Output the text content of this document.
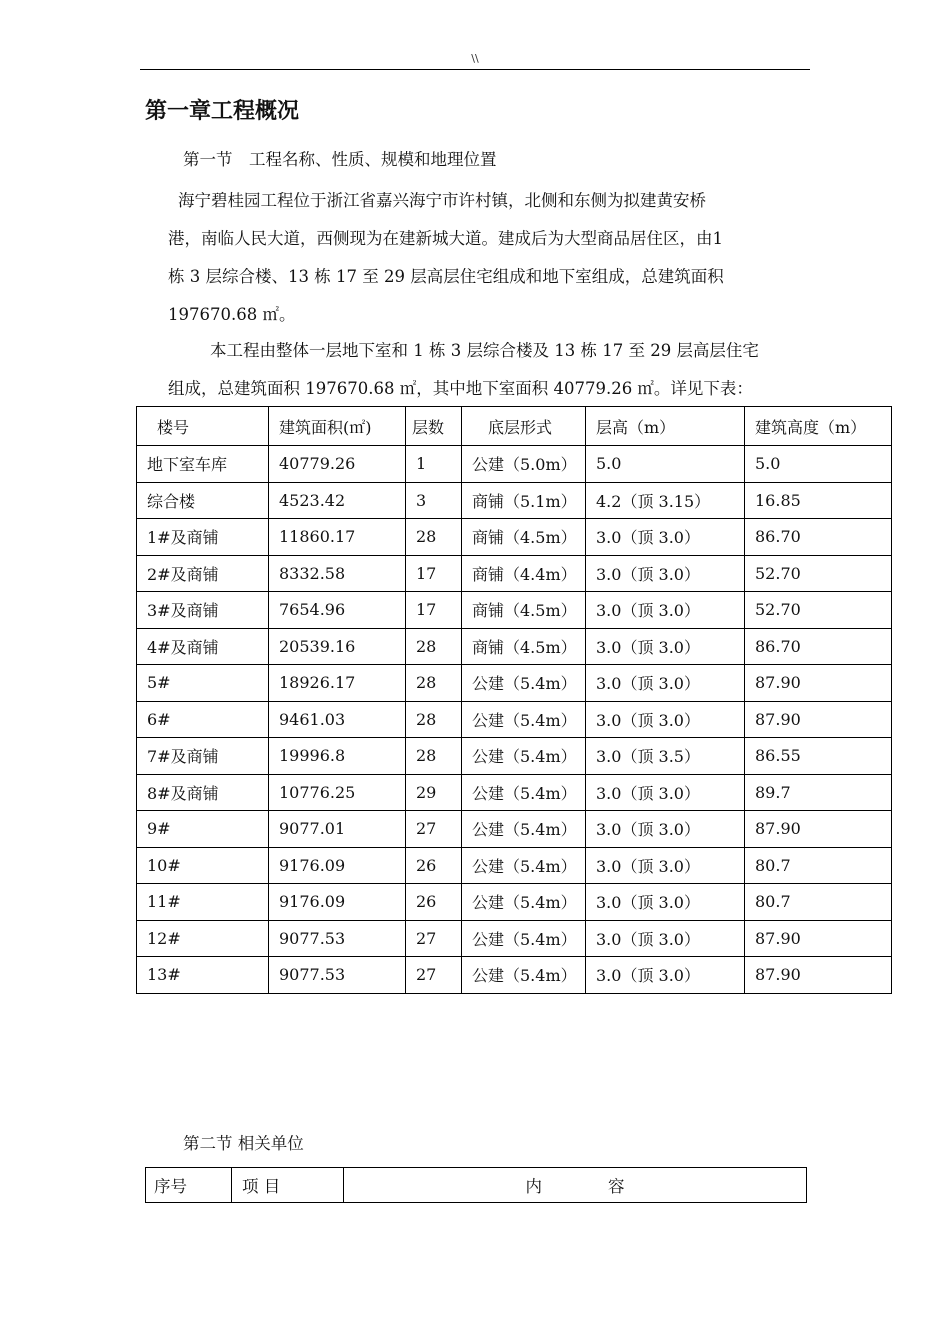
\\
第一章工程概况
第一节　工程名称、性质、规模和地理位置
海宁碧桂园工程位于浙江省嘉兴海宁市许村镇，北侧和东侧为拟建黄安桥
港，南临人民大道，西侧现为在建新城大道。建成后为大型商品居住区，由1
栋 3 层综合楼、13 栋 17 至 29 层高层住宅组成和地下室组成，总建筑面积
197670.68 ㎡。
本工程由整体一层地下室和 1 栋 3 层综合楼及 13 栋 17 至 29 层高层住宅
组成，总建筑面积 197670.68 ㎡，其中地下室面积 40779.26 ㎡。详见下表：
楼号	建筑面积(㎡)	层数	底层形式	层高（m）	建筑高度（m）
地下室车库	40779.26	1	公建（5.0m）	5.0	5.0
综合楼	4523.42	3	商铺（5.1m）	4.2（顶 3.15）	16.85
1#及商铺	11860.17	28	商铺（4.5m）	3.0（顶 3.0）	86.70
2#及商铺	8332.58	17	商铺（4.4m）	3.0（顶 3.0）	52.70
3#及商铺	7654.96	17	商铺（4.5m）	3.0（顶 3.0）	52.70
4#及商铺	20539.16	28	商铺（4.5m）	3.0（顶 3.0）	86.70
5#	18926.17	28	公建（5.4m）	3.0（顶 3.0）	87.90
6#	9461.03	28	公建（5.4m）	3.0（顶 3.0）	87.90
7#及商铺	19996.8	28	公建（5.4m）	3.0（顶 3.5）	86.55
8#及商铺	10776.25	29	公建（5.4m）	3.0（顶 3.0）	89.7
9#	9077.01	27	公建（5.4m）	3.0（顶 3.0）	87.90
10#	9176.09	26	公建（5.4m）	3.0（顶 3.0）	80.7
11#	9176.09	26	公建（5.4m）	3.0（顶 3.0）	80.7
12#	9077.53	27	公建（5.4m）	3.0（顶 3.0）	87.90
13#	9077.53	27	公建（5.4m）	3.0（顶 3.0）	87.90
第二节 相关单位
序号	项 目	内　　　　容
